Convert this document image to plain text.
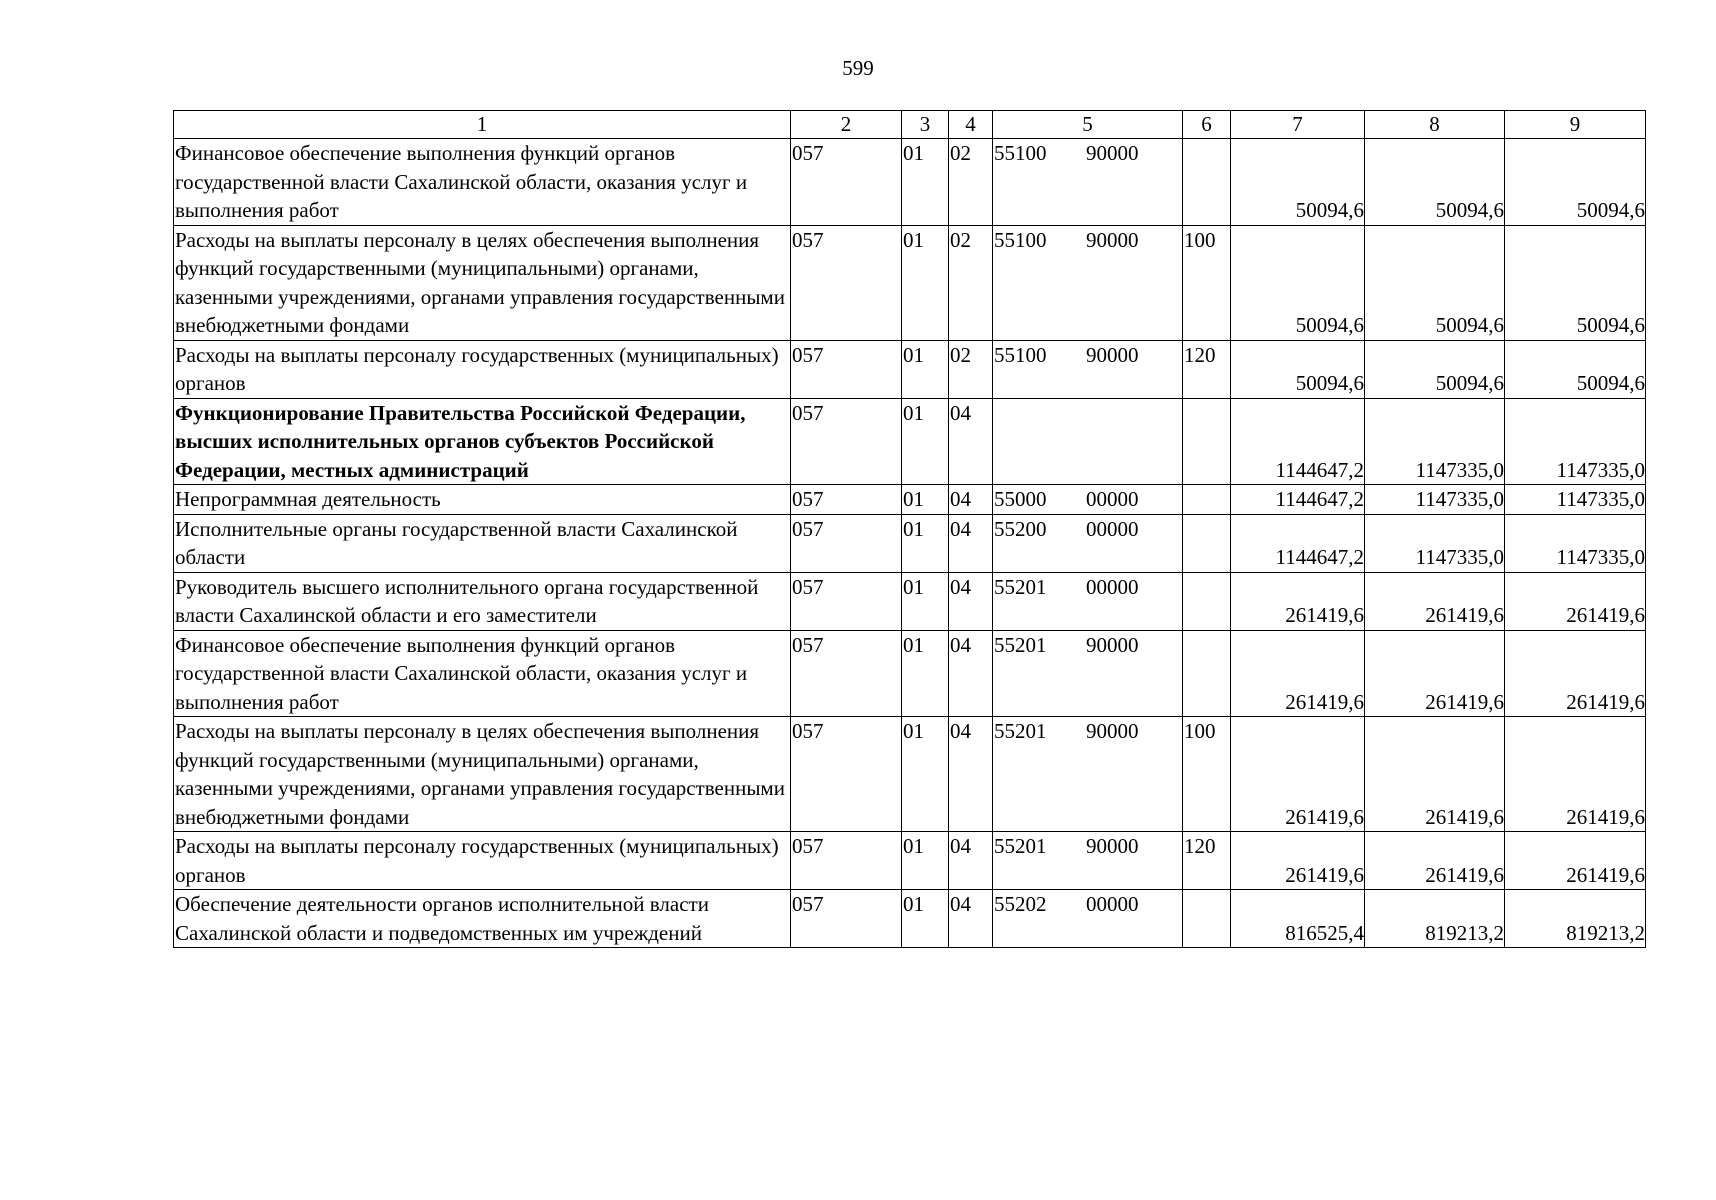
599
1	2	3	4	5	6	7	8	9
Финансовое обеспечение выполнения функций органов государственной власти Сахалинской области, оказания услуг и выполнения работ	057	01	02	55100 90000		50094,6	50094,6	50094,6
Расходы на выплаты персоналу в целях обеспечения выполнения функций государственными (муниципальными) органами, казенными учреждениями, органами управления государственными внебюджетными фондами	057	01	02	55100 90000	100	50094,6	50094,6	50094,6
Расходы на выплаты персоналу государственных (муниципальных) органов	057	01	02	55100 90000	120	50094,6	50094,6	50094,6
Функционирование Правительства Российской Федерации, высших исполнительных органов субъектов Российской Федерации, местных администраций	057	01	04			1144647,2	1147335,0	1147335,0
Непрограммная деятельность	057	01	04	55000 00000		1144647,2	1147335,0	1147335,0
Исполнительные органы государственной власти Сахалинской области	057	01	04	55200 00000		1144647,2	1147335,0	1147335,0
Руководитель высшего исполнительного органа государственной власти Сахалинской области и его заместители	057	01	04	55201 00000		261419,6	261419,6	261419,6
Финансовое обеспечение выполнения функций органов государственной власти Сахалинской области, оказания услуг и выполнения работ	057	01	04	55201 90000		261419,6	261419,6	261419,6
Расходы на выплаты персоналу в целях обеспечения выполнения функций государственными (муниципальными) органами, казенными учреждениями, органами управления государственными внебюджетными фондами	057	01	04	55201 90000	100	261419,6	261419,6	261419,6
Расходы на выплаты персоналу государственных (муниципальных) органов	057	01	04	55201 90000	120	261419,6	261419,6	261419,6
Обеспечение деятельности органов исполнительной власти Сахалинской области и подведомственных им учреждений	057	01	04	55202 00000		816525,4	819213,2	819213,2
